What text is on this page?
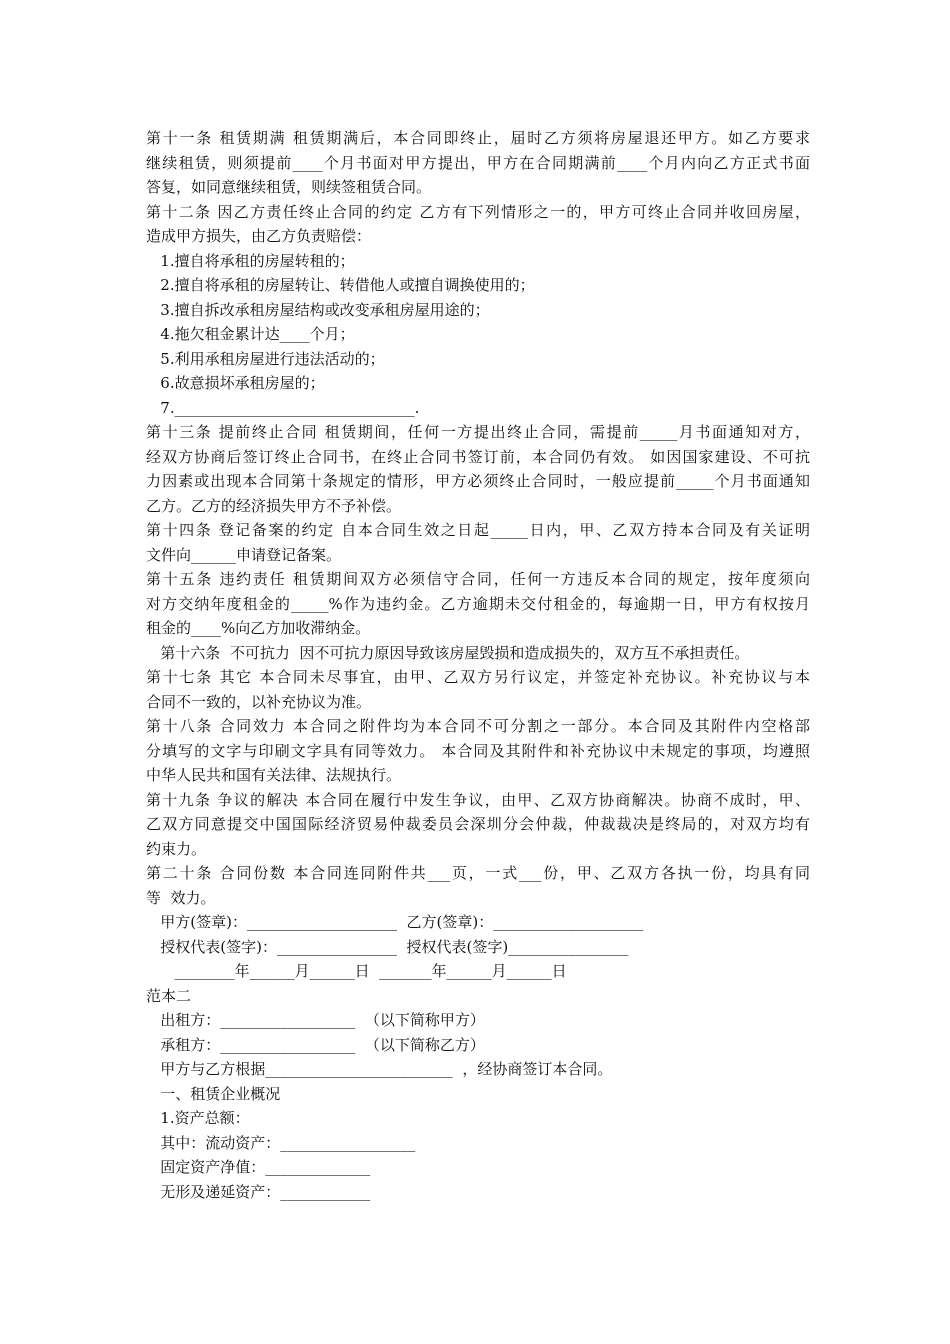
第十一条 租赁期满 租赁期满后，本合同即终止，届时乙方须将房屋退还甲方。如乙方要求

继续租赁，则须提前____个月书面对甲方提出，甲方在合同期满前____个月内向乙方正式书面

答复，如同意继续租赁，则续签租赁合同。

第十二条 因乙方责任终止合同的约定 乙方有下列情形之一的，甲方可终止合同并收回房屋，

造成甲方损失，由乙方负责赔偿：

1.擅自将承租的房屋转租的；

2.擅自将承租的房屋转让、转借他人或擅自调换使用的；

3.擅自拆改承租房屋结构或改变承租房屋用途的；

4.拖欠租金累计达____个月；

5.利用承租房屋进行违法活动的；

6.故意损坏承租房屋的；

7.________________________________.

第十三条 提前终止合同 租赁期间，任何一方提出终止合同，需提前_____月书面通知对方，

经双方协商后签订终止合同书，在终止合同书签订前，本合同仍有效。 如因国家建设、不可抗

力因素或出现本合同第十条规定的情形，甲方必须终止合同时，一般应提前_____个月书面通知

乙方。乙方的经济损失甲方不予补偿。

第十四条 登记备案的约定 自本合同生效之日起_____日内，甲、乙双方持本合同及有关证明

文件向______申请登记备案。

第十五条 违约责任 租赁期间双方必须信守合同，任何一方违反本合同的规定，按年度须向

对方交纳年度租金的_____%作为违约金。乙方逾期未交付租金的，每逾期一日，甲方有权按月

租金的____%向乙方加收滞纳金。

第十六条  不可抗力  因不可抗力原因导致该房屋毁损和造成损失的，双方互不承担责任。

第十七条 其它 本合同未尽事宜，由甲、乙双方另行议定，并签定补充协议。补充协议与本

合同不一致的，以补充协议为准。

第十八条 合同效力 本合同之附件均为本合同不可分割之一部分。本合同及其附件内空格部

分填写的文字与印刷文字具有同等效力。 本合同及其附件和补充协议中未规定的事项，均遵照

中华人民共和国有关法律、法规执行。

第十九条 争议的解决 本合同在履行中发生争议，由甲、乙双方协商解决。协商不成时，甲、

乙双方同意提交中国国际经济贸易仲裁委员会深圳分会仲裁，仲裁裁决是终局的，对双方均有

约束力。

第二十条 合同份数 本合同连同附件共___页，一式___份，甲、乙双方各执一份，均具有同

等  效力。

甲方(签章)：____________________  乙方(签章)：____________________

授权代表(签字)：________________  授权代表(签字)________________

________年______月______日  _______年______月______日

范本二

出租方：__________________  （以下简称甲方）

承租方：__________________  （以下简称乙方）

甲方与乙方根据_________________________  ，经协商签订本合同。

一、租赁企业概况

1.资产总额：

其中：流动资产：__________________

固定资产净值：______________

无形及递延资产：____________
